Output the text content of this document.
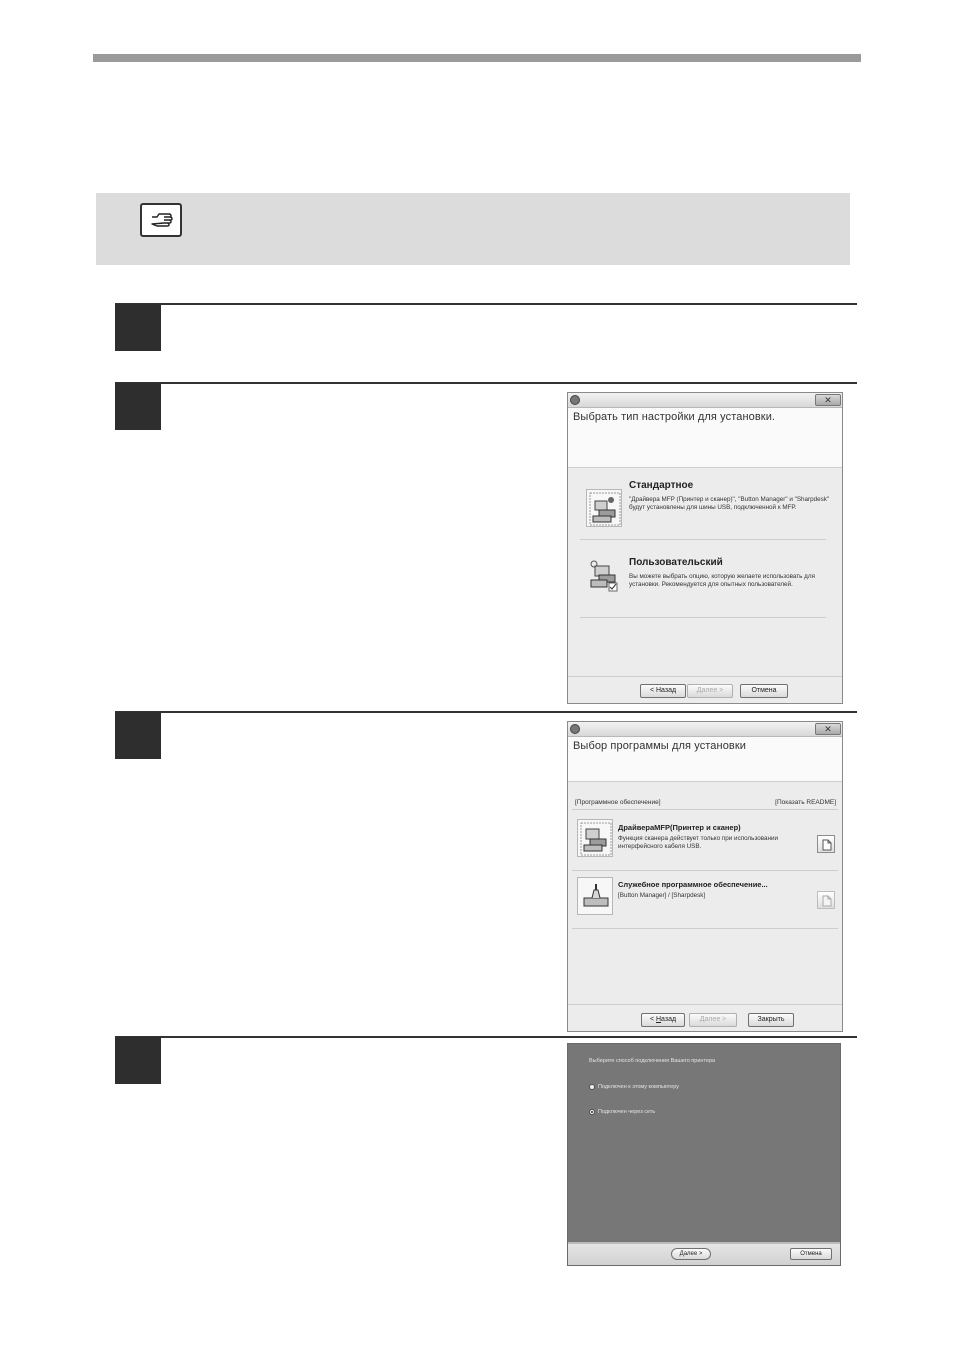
✕
Выбрать тип настройки для установки.
Стандартное
"Драйвера MFP (Принтер и сканер)", "Button Manager" и "Sharpdesk" будут установлены для шины USB, подключенной к MFP.
Пользовательский
Вы можете выбрать опцию, которую желаете использовать для установки. Рекомендуется для опытных пользователей.
< Назад	Далее >	Отмена
✕
Выбор программы для установки
[Программное обеспечение]	[Показать README]
ДрайвераMFP(Принтер и сканер)
Функция сканера действует только при использовании интерфейсного кабеля USB.
Служебное программное обеспечение...
[Button Manager] / [Sharpdesk]
< Назад	Далее >	Закрыть
Выберите способ подключения Вашего принтера
Подключен к этому компьютеру
Подключен через сеть
Далее >	Отмена
